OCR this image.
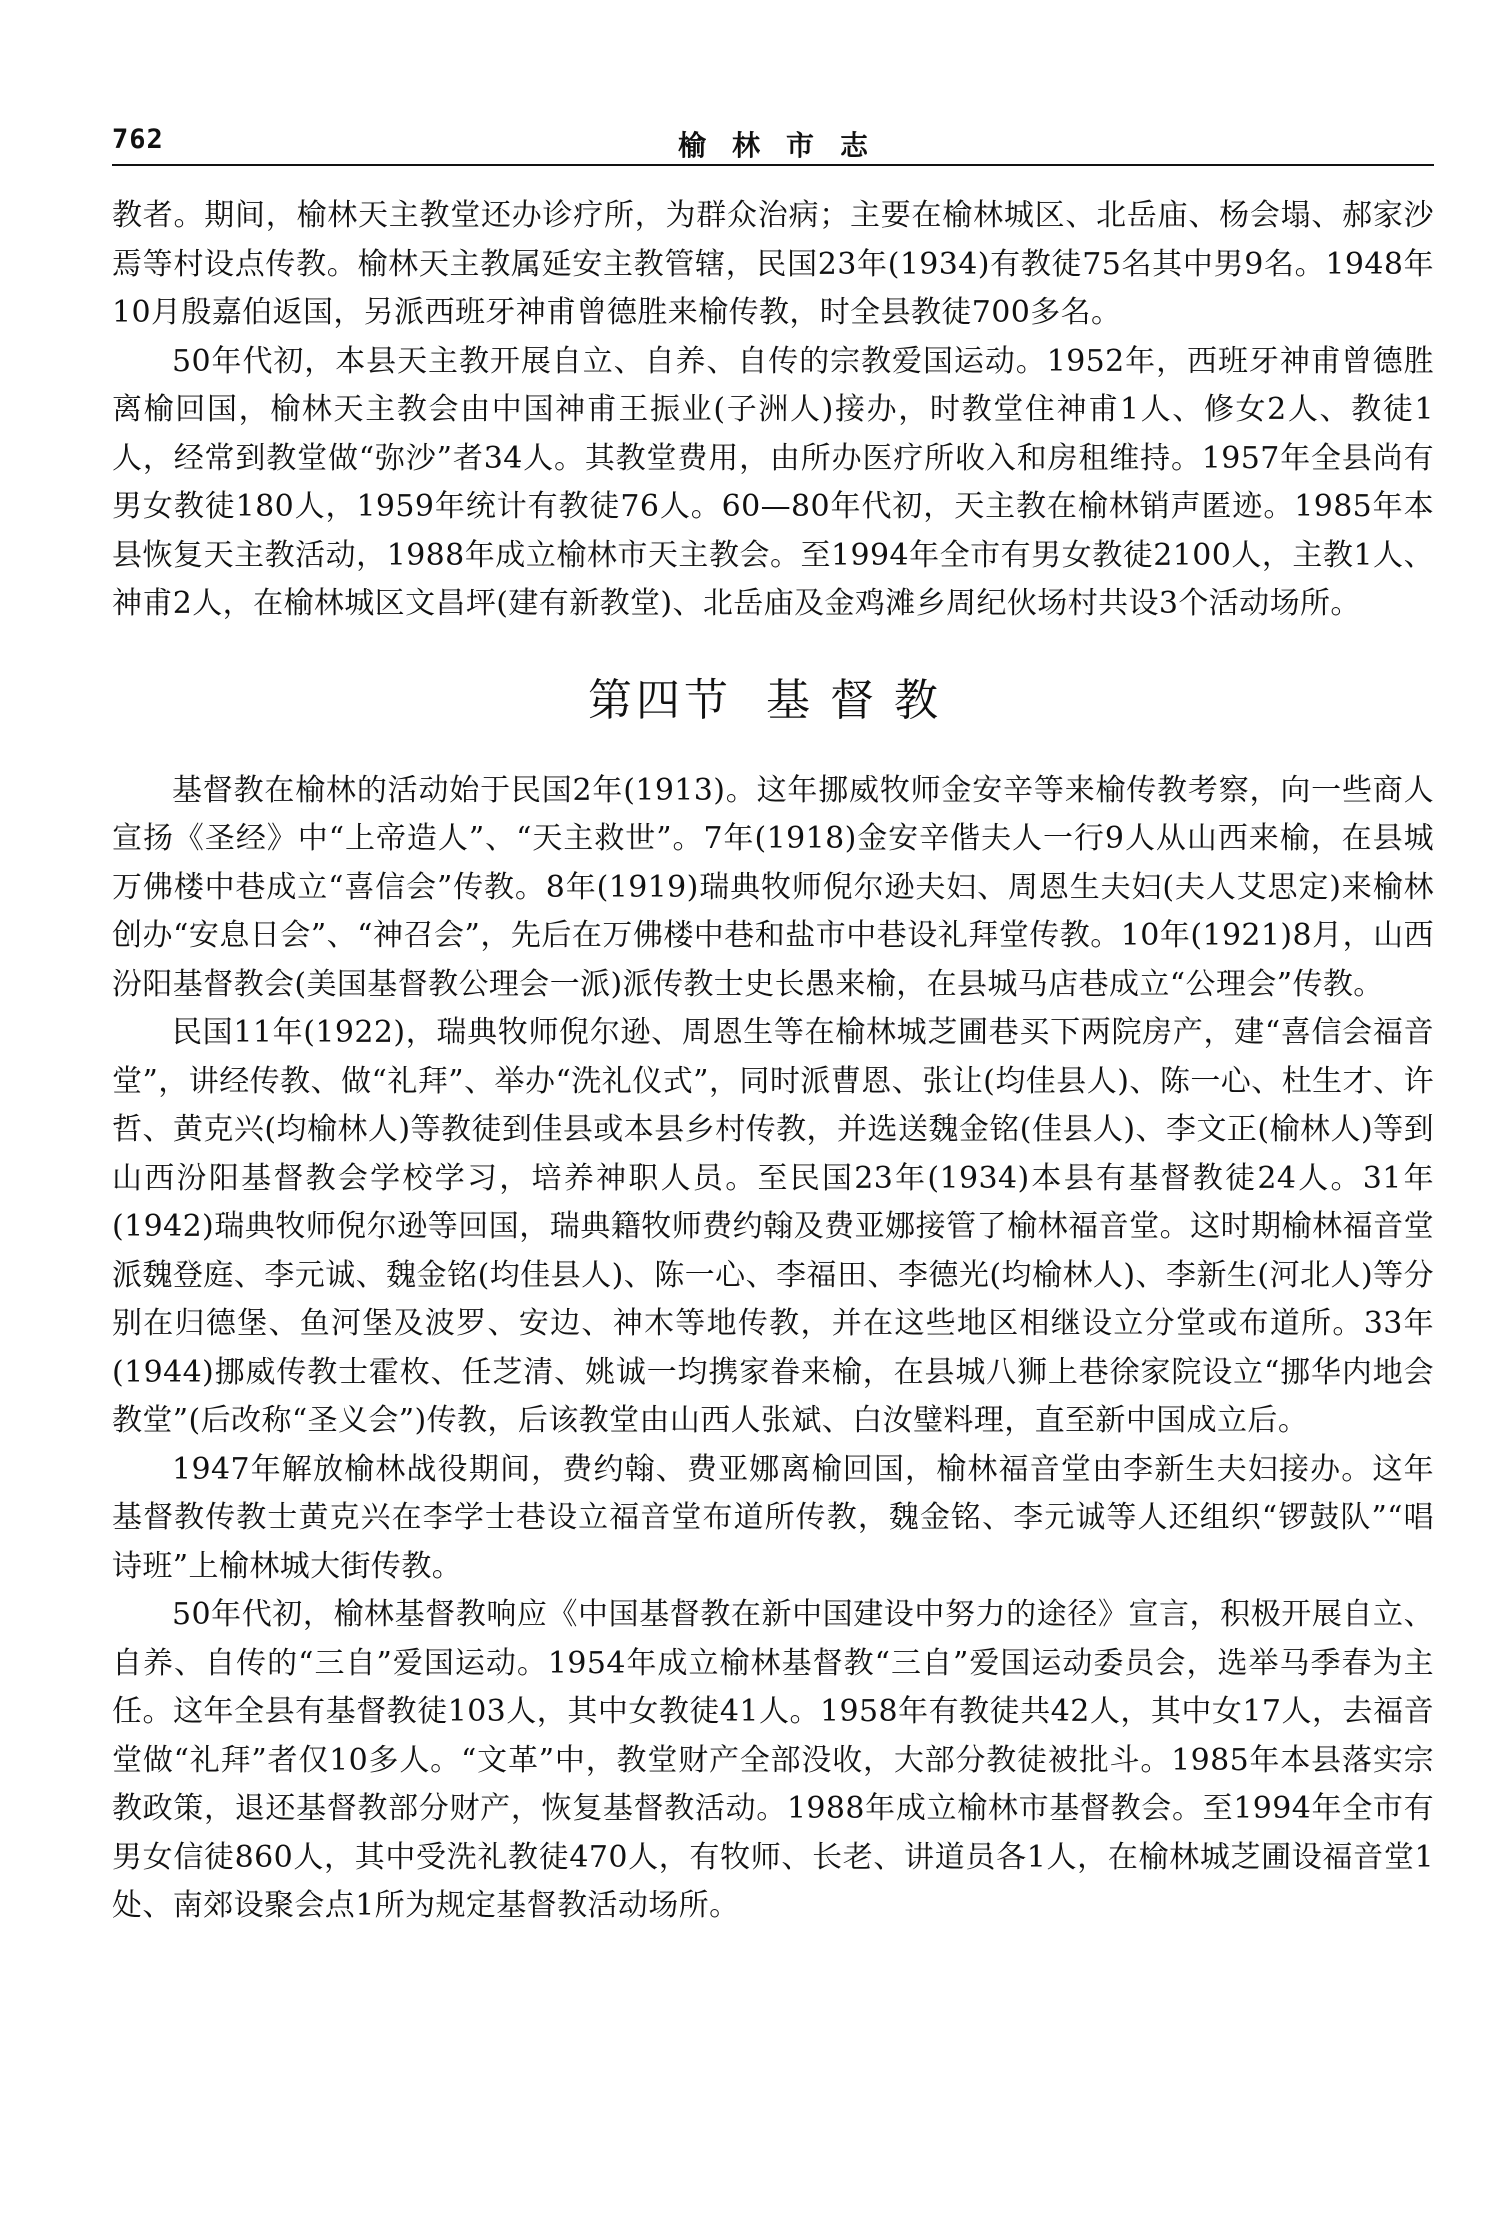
762	榆林市志

教者。期间，榆林天主教堂还办诊疗所，为群众治病；主要在榆林城区、北岳庙、杨会塌、郝家沙焉等村设点传教。榆林天主教属延安主教管辖，民国23年(1934)有教徒75名其中男9名。1948年10月殷嘉伯返国，另派西班牙神甫曾德胜来榆传教，时全县教徒700多名。

50年代初，本县天主教开展自立、自养、自传的宗教爱国运动。1952年，西班牙神甫曾德胜离榆回国，榆林天主教会由中国神甫王振业(子洲人)接办，时教堂住神甫1人、修女2人、教徒1人，经常到教堂做“弥沙”者34人。其教堂费用，由所办医疗所收入和房租维持。1957年全县尚有男女教徒180人，1959年统计有教徒76人。60—80年代初，天主教在榆林销声匿迹。1985年本县恢复天主教活动，1988年成立榆林市天主教会。至1994年全市有男女教徒2100人，主教1人、神甫2人，在榆林城区文昌坪(建有新教堂)、北岳庙及金鸡滩乡周纪伙场村共设3个活动场所。

第四节 基督教

基督教在榆林的活动始于民国2年(1913)。这年挪威牧师金安辛等来榆传教考察，向一些商人宣扬《圣经》中“上帝造人”、“天主救世”。7年(1918)金安辛偕夫人一行9人从山西来榆，在县城万佛楼中巷成立“喜信会”传教。8年(1919)瑞典牧师倪尔逊夫妇、周恩生夫妇(夫人艾思定)来榆林创办“安息日会”、“神召会”，先后在万佛楼中巷和盐市中巷设礼拜堂传教。10年(1921)8月，山西汾阳基督教会(美国基督教公理会一派)派传教士史长愚来榆，在县城马店巷成立“公理会”传教。

民国11年(1922)，瑞典牧师倪尔逊、周恩生等在榆林城芝圃巷买下两院房产，建“喜信会福音堂”，讲经传教、做“礼拜”、举办“洗礼仪式”，同时派曹恩、张让(均佳县人)、陈一心、杜生才、许哲、黄克兴(均榆林人)等教徒到佳县或本县乡村传教，并选送魏金铭(佳县人)、李文正(榆林人)等到山西汾阳基督教会学校学习，培养神职人员。至民国23年(1934)本县有基督教徒24人。31年(1942)瑞典牧师倪尔逊等回国，瑞典籍牧师费约翰及费亚娜接管了榆林福音堂。这时期榆林福音堂派魏登庭、李元诚、魏金铭(均佳县人)、陈一心、李福田、李德光(均榆林人)、李新生(河北人)等分别在归德堡、鱼河堡及波罗、安边、神木等地传教，并在这些地区相继设立分堂或布道所。33年(1944)挪威传教士霍枚、任芝清、姚诚一均携家眷来榆，在县城八狮上巷徐家院设立“挪华内地会教堂”(后改称“圣义会”)传教，后该教堂由山西人张斌、白汝璧料理，直至新中国成立后。

1947年解放榆林战役期间，费约翰、费亚娜离榆回国，榆林福音堂由李新生夫妇接办。这年基督教传教士黄克兴在李学士巷设立福音堂布道所传教，魏金铭、李元诚等人还组织“锣鼓队”“唱诗班”上榆林城大街传教。

50年代初，榆林基督教响应《中国基督教在新中国建设中努力的途径》宣言，积极开展自立、自养、自传的“三自”爱国运动。1954年成立榆林基督教“三自”爱国运动委员会，选举马季春为主任。这年全县有基督教徒103人，其中女教徒41人。1958年有教徒共42人，其中女17人，去福音堂做“礼拜”者仅10多人。“文革”中，教堂财产全部没收，大部分教徒被批斗。1985年本县落实宗教政策，退还基督教部分财产，恢复基督教活动。1988年成立榆林市基督教会。至1994年全市有男女信徒860人，其中受洗礼教徒470人，有牧师、长老、讲道员各1人，在榆林城芝圃设福音堂1处、南郊设聚会点1所为规定基督教活动场所。
